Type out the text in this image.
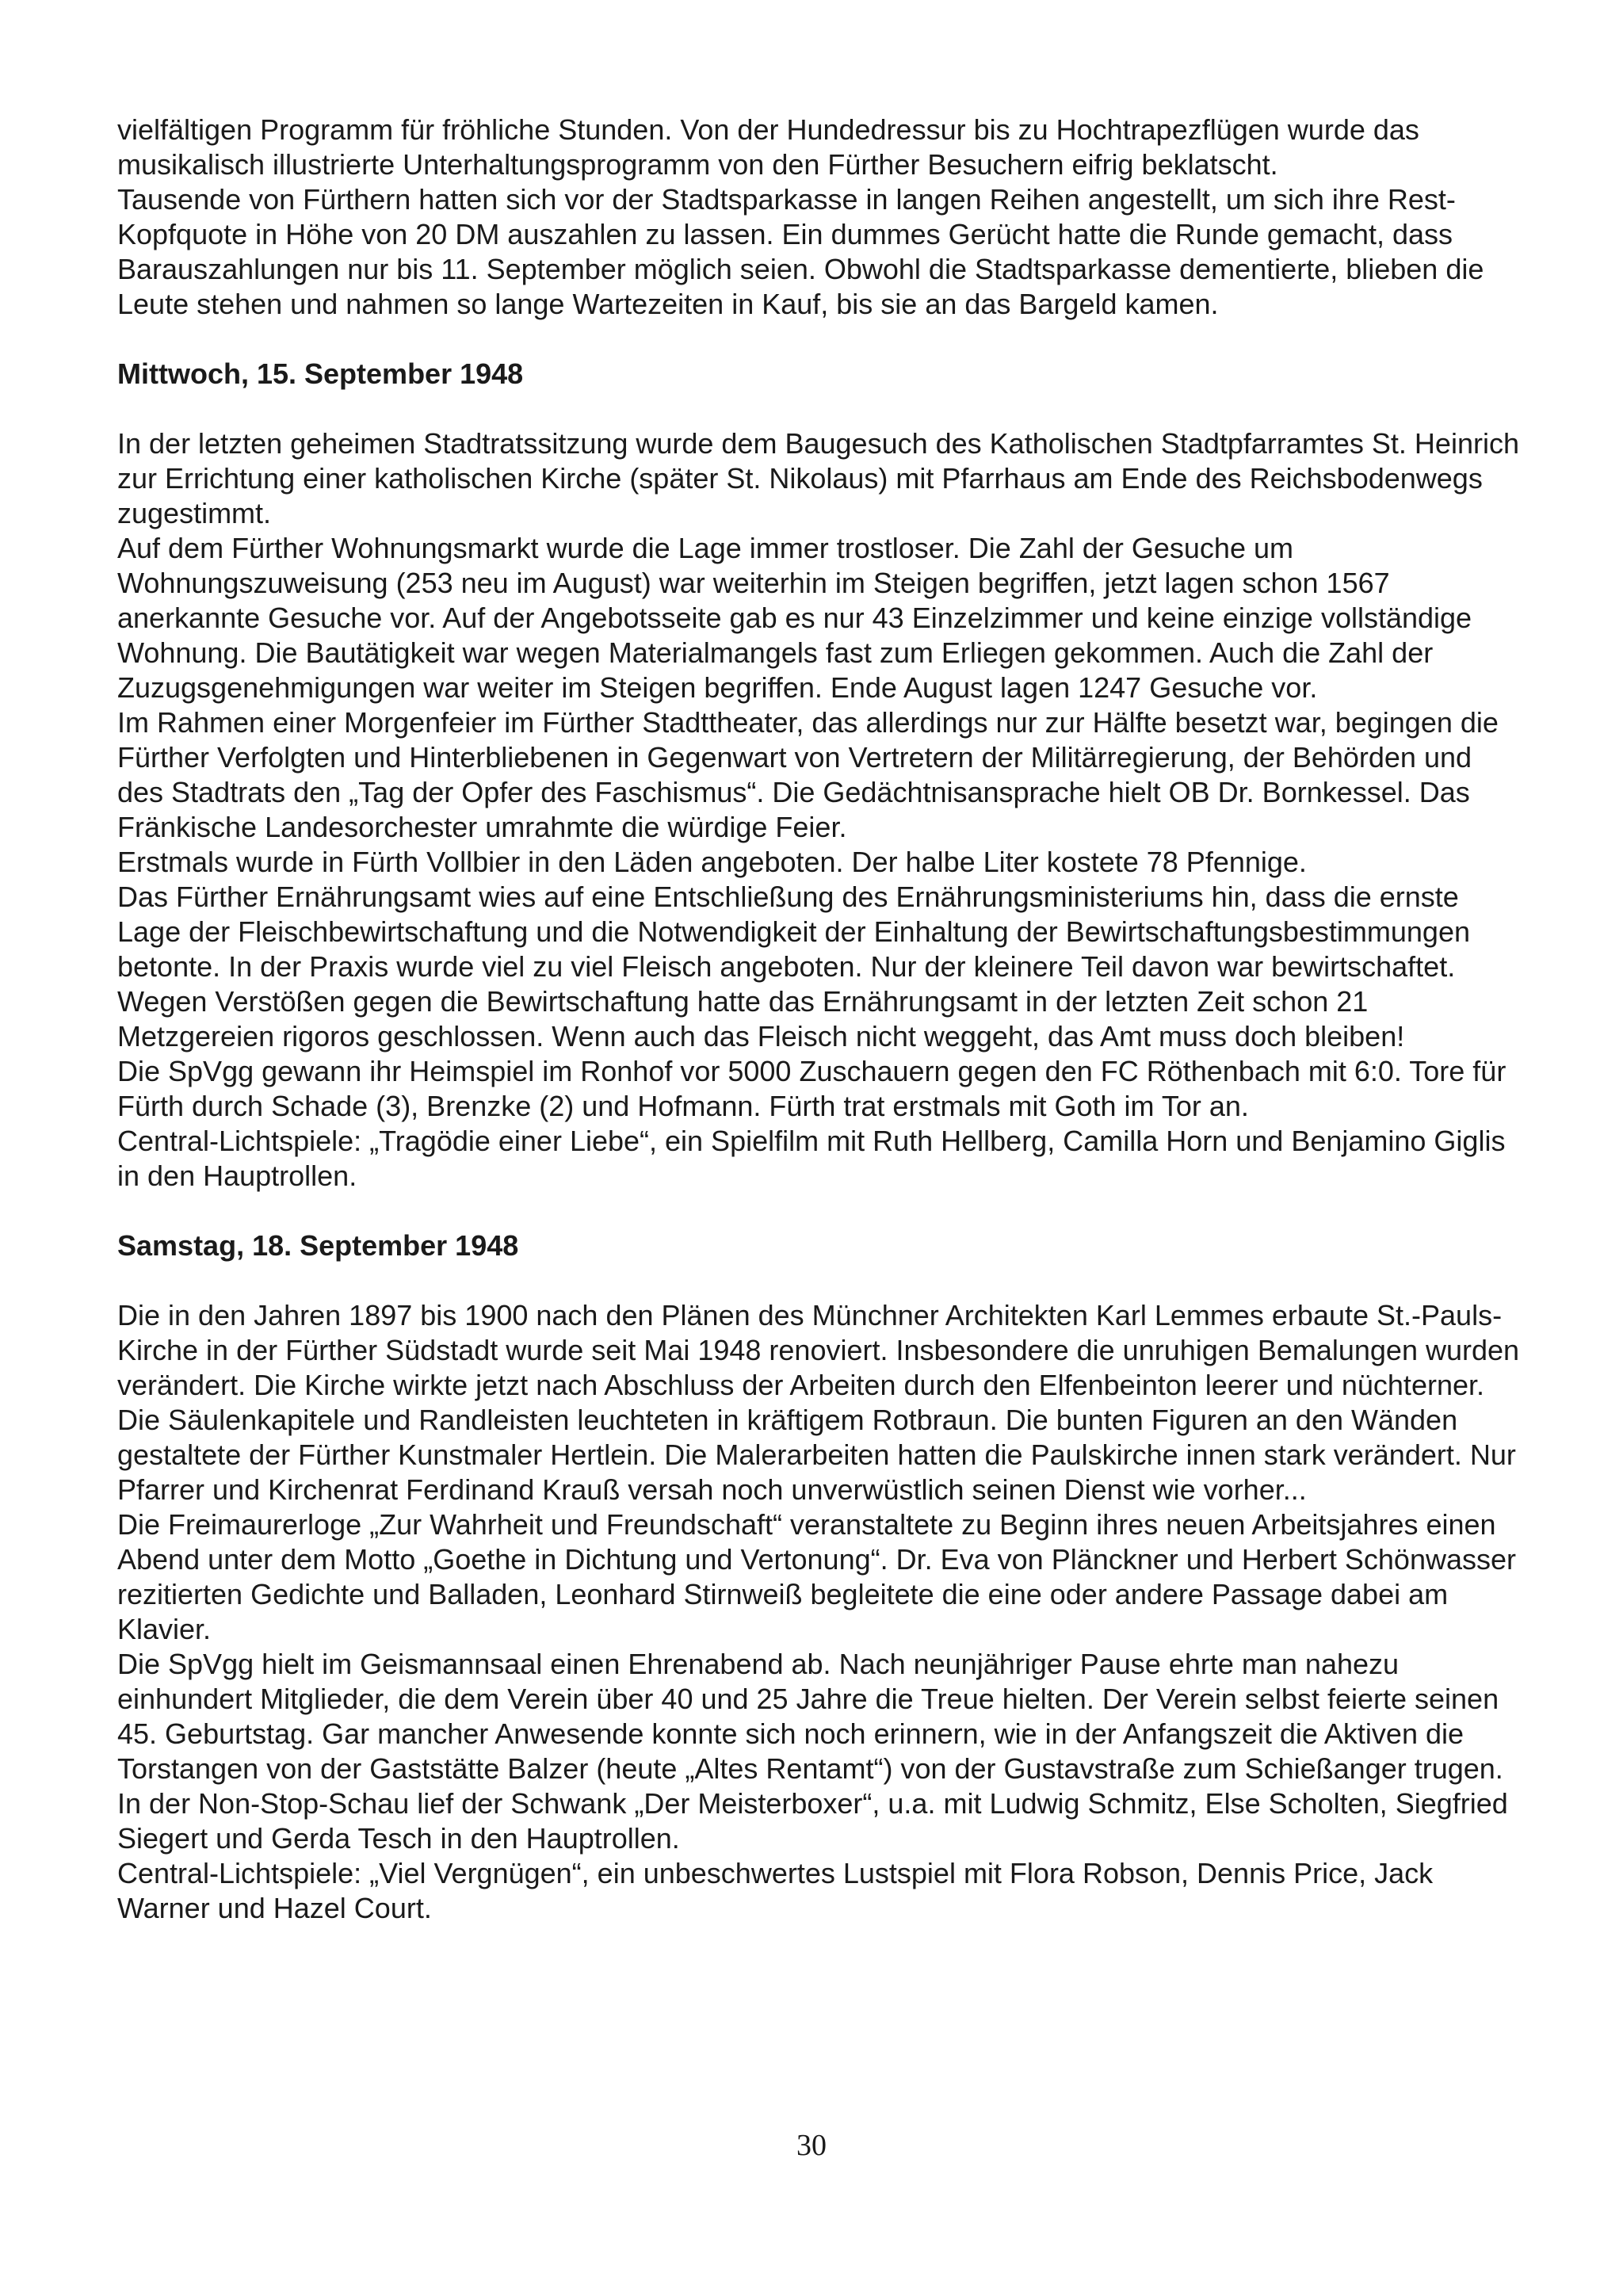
vielfältigen Programm für fröhliche Stunden. Von der Hundedressur bis zu Hochtrapezflügen wurde das musikalisch illustrierte Unterhaltungsprogramm von den Fürther Besuchern eifrig beklatscht.

Tausende von Fürthern hatten sich vor der Stadtsparkasse in langen Reihen angestellt, um sich ihre Rest-Kopfquote in Höhe von 20 DM auszahlen zu lassen. Ein dummes Gerücht hatte die Runde gemacht, dass Barauszahlungen nur bis 11. September möglich seien. Obwohl die Stadtsparkasse dementierte, blieben die Leute stehen und nahmen so lange Wartezeiten in Kauf, bis sie an das Bargeld kamen.

Mittwoch, 15. September 1948

In der letzten geheimen Stadtratssitzung wurde dem Baugesuch des Katholischen Stadtpfarramtes St. Heinrich zur Errichtung einer katholischen Kirche (später St. Nikolaus) mit Pfarrhaus am Ende des Reichsbodenwegs zugestimmt.

Auf dem Fürther Wohnungsmarkt wurde die Lage immer trostloser. Die Zahl der Gesuche um Wohnungszuweisung (253 neu im August) war weiterhin im Steigen begriffen, jetzt lagen schon 1567 anerkannte Gesuche vor. Auf der Angebotsseite gab es nur 43 Einzelzimmer und keine einzige vollständige Wohnung. Die Bautätigkeit war wegen Materialmangels fast zum Erliegen gekommen. Auch die Zahl der Zuzugsgenehmigungen war weiter im Steigen begriffen. Ende August lagen 1247 Gesuche vor.

Im Rahmen einer Morgenfeier im Fürther Stadttheater, das allerdings nur zur Hälfte besetzt war, begingen die Fürther Verfolgten und Hinterbliebenen in Gegenwart von Vertretern der Militärregierung, der Behörden und des Stadtrats den „Tag der Opfer des Faschismus“. Die Gedächtnisansprache hielt OB Dr. Bornkessel. Das Fränkische Landesorchester umrahmte die würdige Feier.

Erstmals wurde in Fürth Vollbier in den Läden angeboten. Der halbe Liter kostete 78 Pfennige.

Das Fürther Ernährungsamt wies auf eine Entschließung des Ernährungsministeriums hin, dass die ernste Lage der Fleischbewirtschaftung und die Notwendigkeit der Einhaltung der Bewirtschaftungsbestimmungen betonte. In der Praxis wurde viel zu viel Fleisch angeboten. Nur der kleinere Teil davon war bewirtschaftet. Wegen Verstößen gegen die Bewirtschaftung hatte das Ernährungsamt in der letzten Zeit schon 21 Metzgereien rigoros geschlossen. Wenn auch das Fleisch nicht weggeht, das Amt muss doch bleiben!

Die SpVgg gewann ihr Heimspiel im Ronhof vor 5000 Zuschauern gegen den FC Röthenbach mit 6:0. Tore für Fürth durch Schade (3), Brenzke (2) und Hofmann. Fürth trat erstmals mit Goth im Tor an.

Central-Lichtspiele: „Tragödie einer Liebe“, ein Spielfilm mit Ruth Hellberg, Camilla Horn und Benjamino Giglis in den Hauptrollen.

Samstag, 18. September 1948

Die in den Jahren 1897 bis 1900 nach den Plänen des Münchner Architekten Karl Lemmes erbaute St.-Pauls-Kirche in der Fürther Südstadt wurde seit Mai 1948 renoviert. Insbesondere die unruhigen Bemalungen wurden verändert. Die Kirche wirkte jetzt nach Abschluss der Arbeiten durch den Elfenbeinton leerer und nüchterner. Die Säulenkapitele und Randleisten leuchteten in kräftigem Rotbraun. Die bunten Figuren an den Wänden gestaltete der Fürther Kunstmaler Hertlein. Die Malerarbeiten hatten die Paulskirche innen stark verändert. Nur Pfarrer und Kirchenrat Ferdinand Krauß versah noch unverwüstlich seinen Dienst wie vorher...

Die Freimaurerloge „Zur Wahrheit und Freundschaft“ veranstaltete zu Beginn ihres neuen Arbeitsjahres einen Abend unter dem Motto „Goethe in Dichtung und Vertonung“. Dr. Eva von Plänckner und Herbert Schönwasser rezitierten Gedichte und Balladen, Leonhard Stirnweiß begleitete die eine oder andere Passage dabei am Klavier.

Die SpVgg hielt im Geismannsaal einen Ehrenabend ab. Nach neunjähriger Pause ehrte man nahezu einhundert Mitglieder, die dem Verein über 40 und 25 Jahre die Treue hielten. Der Verein selbst feierte seinen 45. Geburtstag. Gar mancher Anwesende konnte sich noch erinnern, wie in der Anfangszeit die Aktiven die Torstangen von der Gaststätte Balzer (heute „Altes Rentamt“) von der Gustavstraße zum Schießanger trugen.

In der Non-Stop-Schau lief der Schwank „Der Meisterboxer“, u.a. mit Ludwig Schmitz, Else Scholten, Siegfried Siegert und Gerda Tesch in den Hauptrollen.

Central-Lichtspiele: „Viel Vergnügen“, ein unbeschwertes Lustspiel mit Flora Robson, Dennis Price, Jack Warner und Hazel Court.

30
